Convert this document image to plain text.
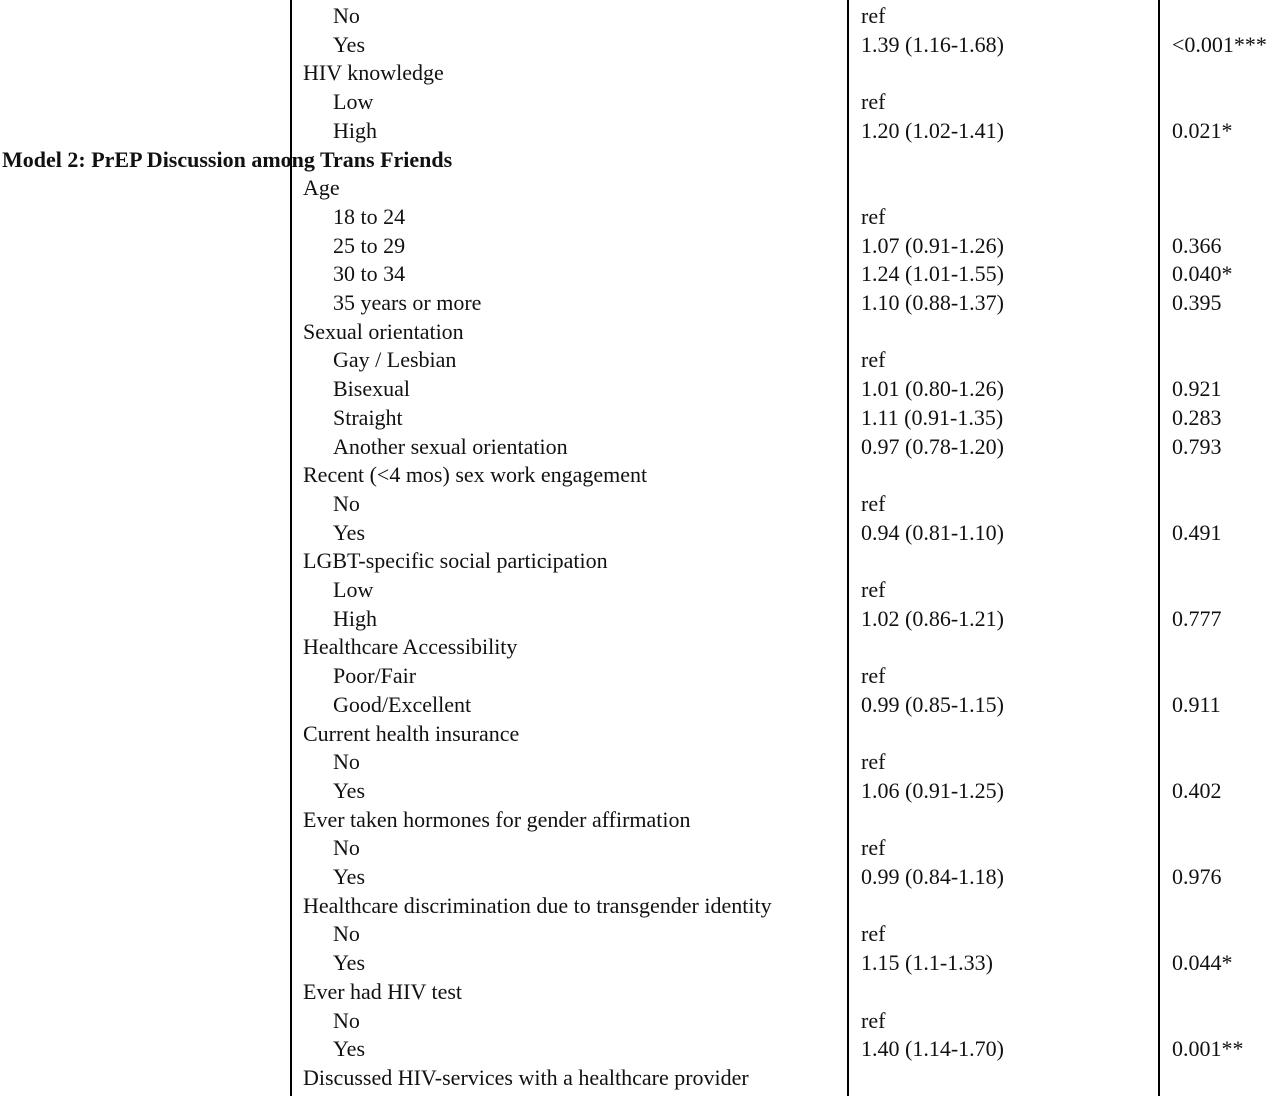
No	ref
Yes	1.39 (1.16-1.68)	<0.001***
HIV knowledge
Low	ref
High	1.20 (1.02-1.41)	0.021*
Model 2: PrEP Discussion among Trans Friends
Age
18 to 24	ref
25 to 29	1.07 (0.91-1.26)	0.366
30 to 34	1.24 (1.01-1.55)	0.040*
35 years or more	1.10 (0.88-1.37)	0.395
Sexual orientation
Gay / Lesbian	ref
Bisexual	1.01 (0.80-1.26)	0.921
Straight	1.11 (0.91-1.35)	0.283
Another sexual orientation	0.97 (0.78-1.20)	0.793
Recent (<4 mos) sex work engagement
No	ref
Yes	0.94 (0.81-1.10)	0.491
LGBT-specific social participation
Low	ref
High	1.02 (0.86-1.21)	0.777
Healthcare Accessibility
Poor/Fair	ref
Good/Excellent	0.99 (0.85-1.15)	0.911
Current health insurance
No	ref
Yes	1.06 (0.91-1.25)	0.402
Ever taken hormones for gender affirmation
No	ref
Yes	0.99 (0.84-1.18)	0.976
Healthcare discrimination due to transgender identity
No	ref
Yes	1.15 (1.1-1.33)	0.044*
Ever had HIV test
No	ref
Yes	1.40 (1.14-1.70)	0.001**
Discussed HIV-services with a healthcare provider
